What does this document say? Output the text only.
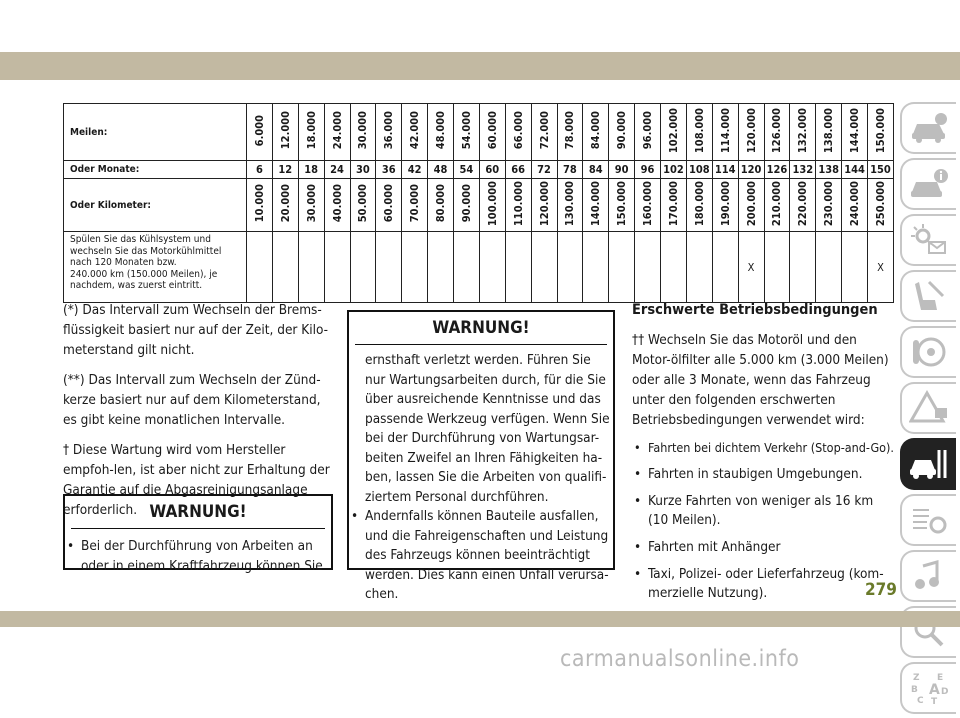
Meilen:	6.000	12.000	18.000	24.000	30.000	36.000	42.000	48.000	54.000	60.000	66.000	72.000	78.000	84.000	90.000	96.000	102.000	108.000	114.000	120.000	126.000	132.000	138.000	144.000	150.000
Oder Monate:	6	12	18	24	30	36	42	48	54	60	66	72	78	84	90	96	102	108	114	120	126	132	138	144	150
Oder Kilometer:	10.000	20.000	30.000	40.000	50.000	60.000	70.000	80.000	90.000	100.000	110.000	120.000	130.000	140.000	150.000	160.000	170.000	180.000	190.000	200.000	210.000	220.000	230.000	240.000	250.000
Spülen Sie das Kühlsystem und
wechseln Sie das Motorkühlmittel
nach 120 Monaten bzw.
240.000 km (150.000 Meilen), je
nachdem, was zuerst eintritt.																				X					X

(*) Das Intervall zum Wechseln der Brems-flüssigkeit basiert nur auf der Zeit, der Kilo-meterstand gilt nicht.

(**) Das Intervall zum Wechseln der Zünd-kerze basiert nur auf dem Kilometerstand, es gibt keine monatlichen Intervalle.

† Diese Wartung wird vom Hersteller empfoh-len, ist aber nicht zur Erhaltung der Garantie auf die Abgasreinigungsanlage erforderlich. WARNUNG!
• Bei der Durchführung von Arbeiten an oder in einem Kraftfahrzeug können Sie
WARNUNG!

ernsthaft verletzt werden. Führen Sie nur Wartungsarbeiten durch, für die Sie über ausreichende Kenntnisse und das passende Werkzeug verfügen. Wenn Sie bei der Durchführung von Wartungsar-beiten Zweifel an Ihren Fähigkeiten ha-ben, lassen Sie die Arbeiten von qualifi-ziertem Personal durchführen.

• Andernfalls können Bauteile ausfallen, und die Fahreigenschaften und Leistung des Fahrzeugs können beeinträchtigt werden. Dies kann einen Unfall verursa-chen.
Erschwerte Betriebsbedingungen

†† Wechseln Sie das Motoröl und den Motor-ölfilter alle 5.000 km (3.000 Meilen) oder alle 3 Monate, wenn das Fahrzeug unter den folgenden erschwerten Betriebsbedingungen verwendet wird:

• Fahrten bei dichtem Verkehr (Stop-and-Go).
• Fahrten in staubigen Umgebungen.
• Kurze Fahrten von weniger als 16 km (10 Meilen).
• Fahrten mit Anhänger
• Taxi, Polizei- oder Lieferfahrzeug (kom-merzielle Nutzung).
•
Z E
B A D
C T
279
carmanualsonline.info
